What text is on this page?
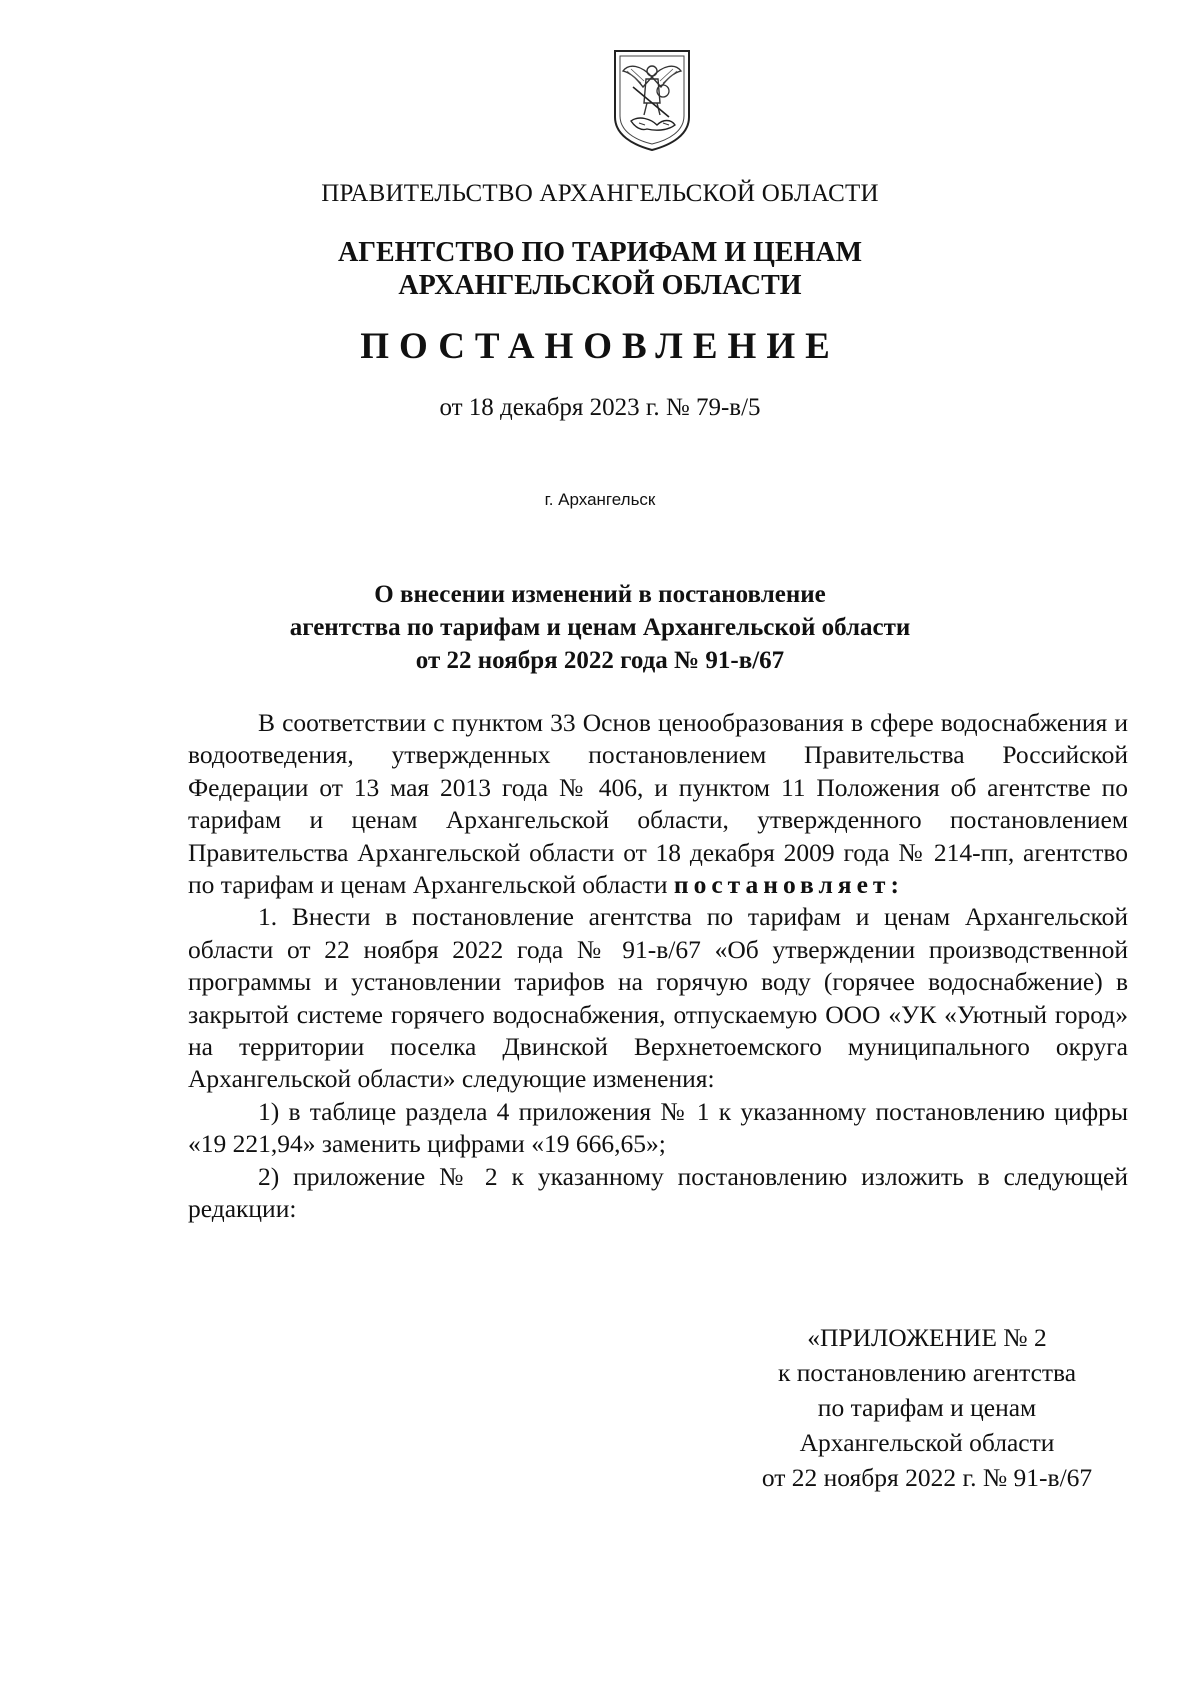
ПРАВИТЕЛЬСТВО АРХАНГЕЛЬСКОЙ ОБЛАСТИ
АГЕНТСТВО ПО ТАРИФАМ И ЦЕНАМ
АРХАНГЕЛЬСКОЙ ОБЛАСТИ
ПОСТАНОВЛЕНИЕ
от 18 декабря 2023 г. № 79-в/5
г. Архангельск
О внесении изменений в постановление
агентства по тарифам и ценам Архангельской области
от 22 ноября 2022 года № 91-в/67

В соответствии с пунктом 33 Основ ценообразования в сфере водоснабжения и водоотведения, утвержденных постановлением Правительства Российской Федерации от 13 мая 2013 года № 406, и пунктом 11 Положения об агентстве по тарифам и ценам Архангельской области, утвержденного постановлением Правительства Архангельской области от 18 декабря 2009 года № 214-пп, агентство по тарифам и ценам Архангельской области постановляет:

1. Внести в постановление агентства по тарифам и ценам Архангельской области от 22 ноября 2022 года № 91-в/67 «Об утверждении производственной программы и установлении тарифов на горячую воду (горячее водоснабжение) в закрытой системе горячего водоснабжения, отпускаемую ООО «УК «Уютный город» на территории поселка Двинской Верхнетоемского муниципального округа Архангельской области» следующие изменения:

1) в таблице раздела 4 приложения № 1 к указанному постановлению цифры «19 221,94» заменить цифрами «19 666,65»;

2) приложение № 2 к указанному постановлению изложить в следующей редакции:

«ПРИЛОЖЕНИЕ № 2
к постановлению агентства
по тарифам и ценам
Архангельской области
от 22 ноября 2022 г. № 91-в/67
